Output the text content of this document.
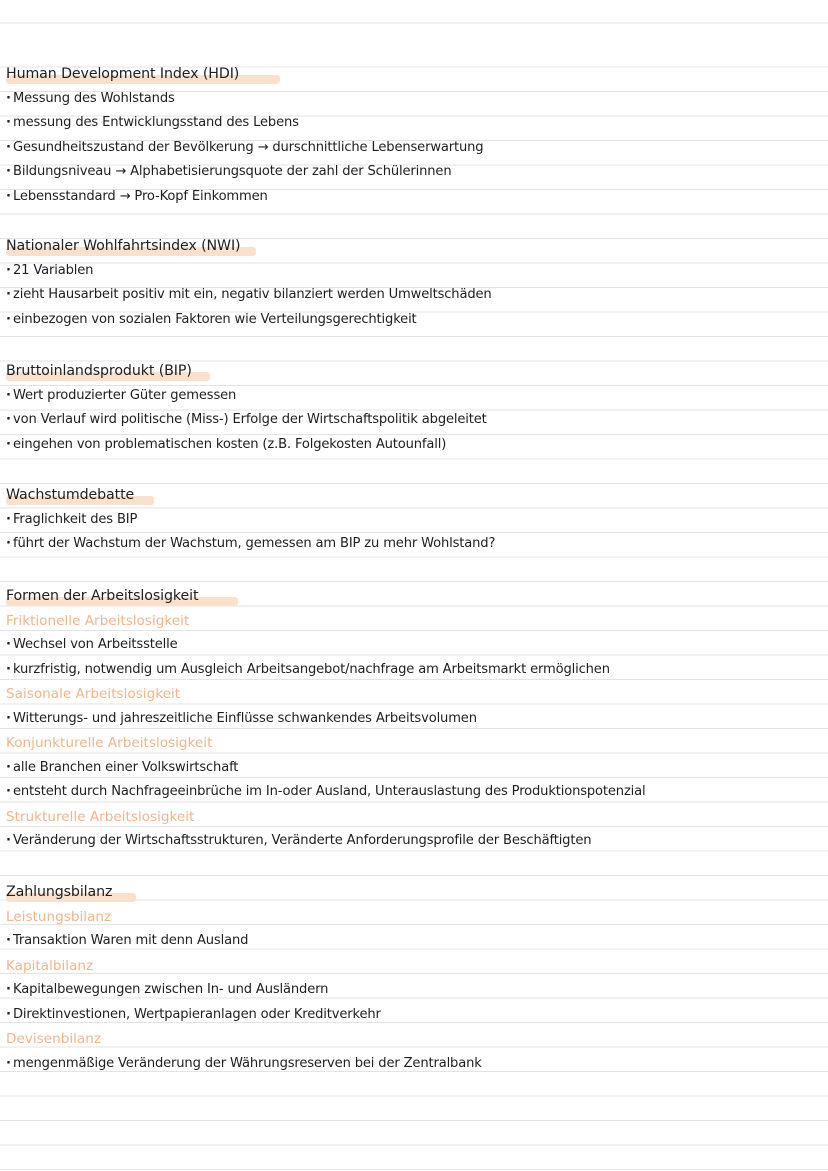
Human Development Index (HDI)
· Messung des Wohlstands
· messung des Entwicklungsstand des Lebens
· Gesundheitszustand der Bevölkerung → durschnittliche Lebenserwartung
· Bildungsniveau → Alphabetisierungsquote der zahl der Schülerinnen
· Lebensstandard → Pro-Kopf Einkommen
Nationaler Wohlfahrtsindex (NWI)
· 21 Variablen
· zieht Hausarbeit positiv mit ein, negativ bilanziert werden Umweltschäden
· einbezogen von sozialen Faktoren wie Verteilungsgerechtigkeit
Bruttoinlandsprodukt (BIP)
· Wert produzierter Güter gemessen
· von Verlauf wird politische (Miss-) Erfolge der Wirtschaftspolitik abgeleitet
· eingehen von problematischen kosten (z.B. Folgekosten Autounfall)
Wachstumdebatte
· Fraglichkeit des BIP
· führt der Wachstum der Wachstum, gemessen am BIP zu mehr Wohlstand?
Formen der Arbeitslosigkeit
Friktionelle Arbeitslosigkeit
· Wechsel von Arbeitsstelle
· kurzfristig, notwendig um Ausgleich Arbeitsangebot/nachfrage am Arbeitsmarkt ermöglichen
Saisonale Arbeitslosigkeit
· Witterungs- und jahreszeitliche Einflüsse schwankendes Arbeitsvolumen
Konjunkturelle Arbeitslosigkeit
· alle Branchen einer Volkswirtschaft
· entsteht durch Nachfrageeinbrüche im In-oder Ausland, Unterauslastung des Produktionspotenzial
Strukturelle Arbeitslosigkeit
· Veränderung der Wirtschaftsstrukturen, Veränderte Anforderungsprofile der Beschäftigten
Zahlungsbilanz
Leistungsbilanz
· Transaktion Waren mit denn Ausland
Kapitalbilanz
· Kapitalbewegungen zwischen In- und Ausländern
· Direktinvestionen, Wertpapieranlagen oder Kreditverkehr
Devisenbilanz
· mengenmäßige Veränderung der Währungsreserven bei der Zentralbank
